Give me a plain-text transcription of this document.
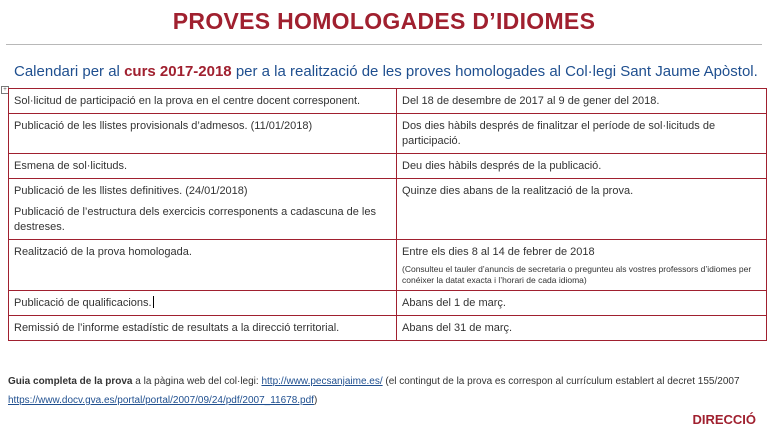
PROVES HOMOLOGADES D’IDIOMES
Calendari per al curs 2017-2018 per a la realització de les proves homologades al Col·legi Sant Jaume Apòstol.
+
Sol·licitud de participació en la prova en el centre docent corresponent.	Del 18 de desembre de 2017 al 9 de gener del 2018.
Publicació de les llistes provisionals d’admesos. (11/01/2018)	Dos dies hàbils després de finalitzar el període de sol·licituds de participació.
Esmena de sol·licituds.	Deu dies hàbils després de la publicació.

Publicació de les llistes definitives. (24/01/2018)
Publicació de l’estructura dels exercicis corresponents a cadascuna de les destreses.	Quinze dies abans de la realització de la prova.
Realització de la prova homologada.	Entre els dies 8 al 14 de febrer de 2018
(Consulteu el tauler d’anuncis de secretaria o pregunteu als vostres professors d’idiomes per conéixer la datat exacta i l’horari de cada idioma)

Publicació de qualificacions.	Abans del 1 de març.
Remissió de l’informe estadístic de resultats a la direcció territorial.	Abans del 31 de març.
Guia completa de la prova a la pàgina web del col·legi: http://www.pecsanjaime.es/ (el contingut de la prova es correspon al currículum establert al decret 155/2007 https://www.docv.gva.es/portal/portal/2007/09/24/pdf/2007_11678.pdf)
DIRECCIÓ
